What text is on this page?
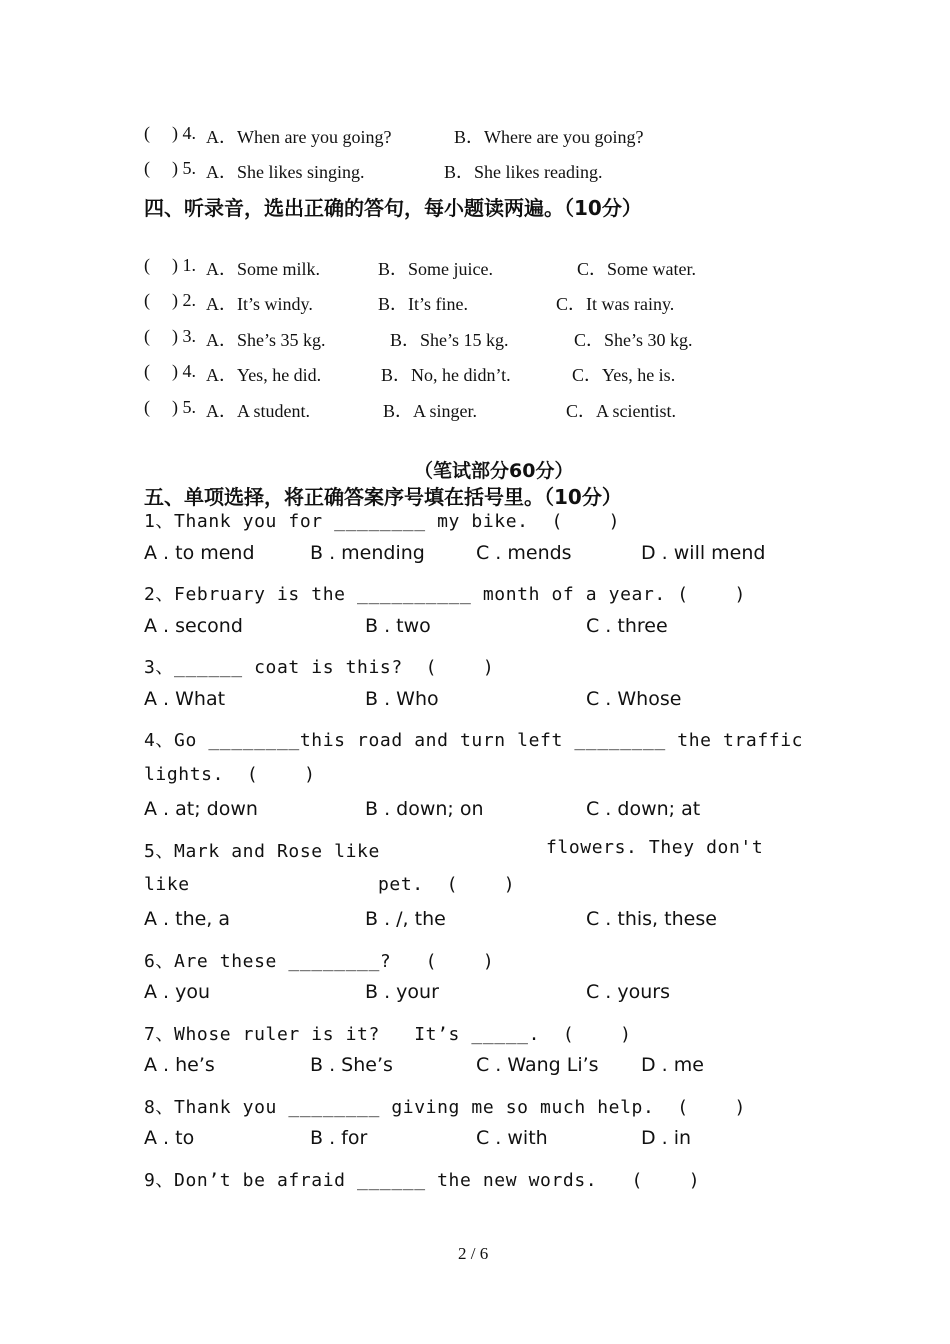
( ) 4. A．When are you going?	B．Where are you going?
( ) 5. A．She likes singing.	B．She likes reading.
四、听录音，选出正确的答句，每小题读两遍。（10分）
( ) 1. A．Some milk.	B．Some juice.	C．Some water.
( ) 2. A．It’s windy.	B．It’s fine.	C．It was rainy.
( ) 3. A．She’s 35 kg.	B．She’s 15 kg.	C．She’s 30 kg.
( ) 4. A．Yes, he did.	B．No, he didn’t.	C．Yes, he is.
( ) 5. A．A student.	B．A singer.	C．A scientist.
（笔试部分60分）
五、单项选择，将正确答案序号填在括号里。（10分）
1、Thank you for ________ my bike.  (    )
A . to mend	B . mending	C . mends	D . will mend
2、February is the __________ month of a year. (    )
A . second	B . two	C . three
3、______ coat is this?  (    )
A . What	B . Who	C . Whose
4、Go ________this road and turn left ________ the traffic
lights.  (    )
A . at; down	B . down; on	C . down; at
5、Mark and Rose like	flowers. They don't
like	pet.  (    )
A . the, a	B . /, the	C . this, these
6、Are these ________?   (    )
A . you	B . your	C . yours
7、Whose ruler is it?   It’s _____.  (    )
A . he’s	B . She’s	C . Wang Li’s D . me
8、Thank you ________ giving me so much help.  (    )
A . to	B . for	C . with	D . in
9、Don’t be afraid ______ the new words.   (    )
2 / 6
